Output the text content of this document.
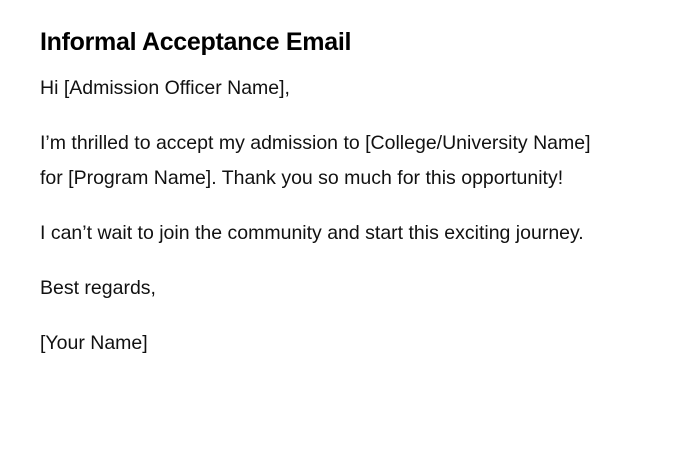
Informal Acceptance Email

Hi [Admission Officer Name],

I’m thrilled to accept my admission to [College/University Name] for [Program Name]. Thank you so much for this opportunity!

I can’t wait to join the community and start this exciting journey.

Best regards,

[Your Name]
